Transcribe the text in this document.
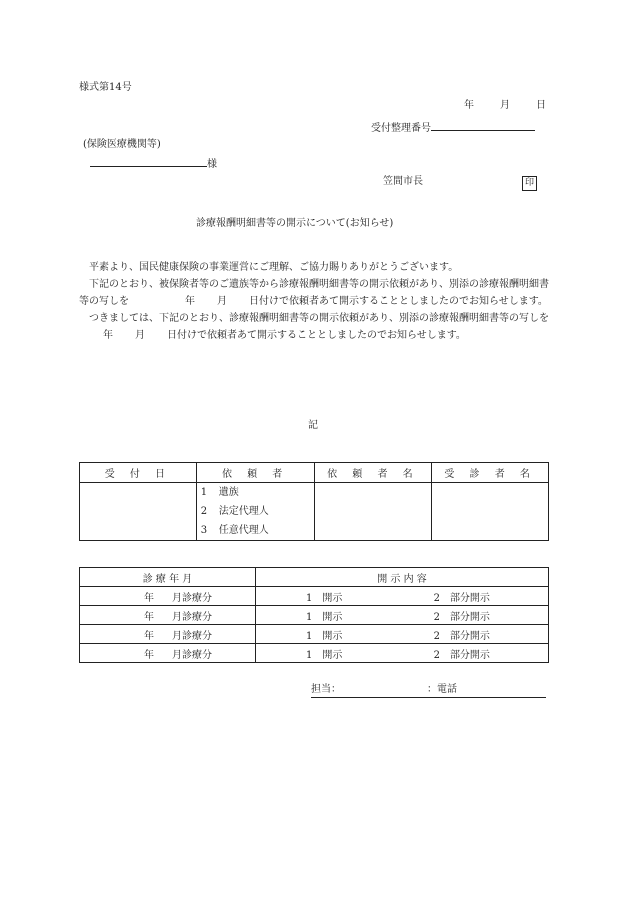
様式第14号
年	月	日
受付整理番号
(保険医療機関等)
様
笠間市長	印
診療報酬明細書等の開示について(お知らせ)

平素より、国民健康保険の事業運営にご理解、ご協力賜りありがとうございます。

下記のとおり、被保険者等のご遺族等から診療報酬明細書等の開示依頼があり、別添の診療報酬明細書等の写しを	年 月 日付けで依頼者あて開示することとしましたのでお知らせします。

つきましては、下記のとおり、診療報酬明細書等の開示依頼があり、別添の診療報酬明細書等の写しを年 月 日付けで依頼者あて開示することとしましたのでお知らせします。

記
受 付 日	依 頼 者	依 頼 者 名	受 診 者 名

	1 遺族
2 法定代理人
3 任意代理人		

診 療 年 月	開 示 内 容
年 月診療分	1 開示 2 部分開示
年 月診療分	1 開示 2 部分開示
年 月診療分	1 開示 2 部分開示
年 月診療分	1 開示 2 部分開示
担当：	：電話
